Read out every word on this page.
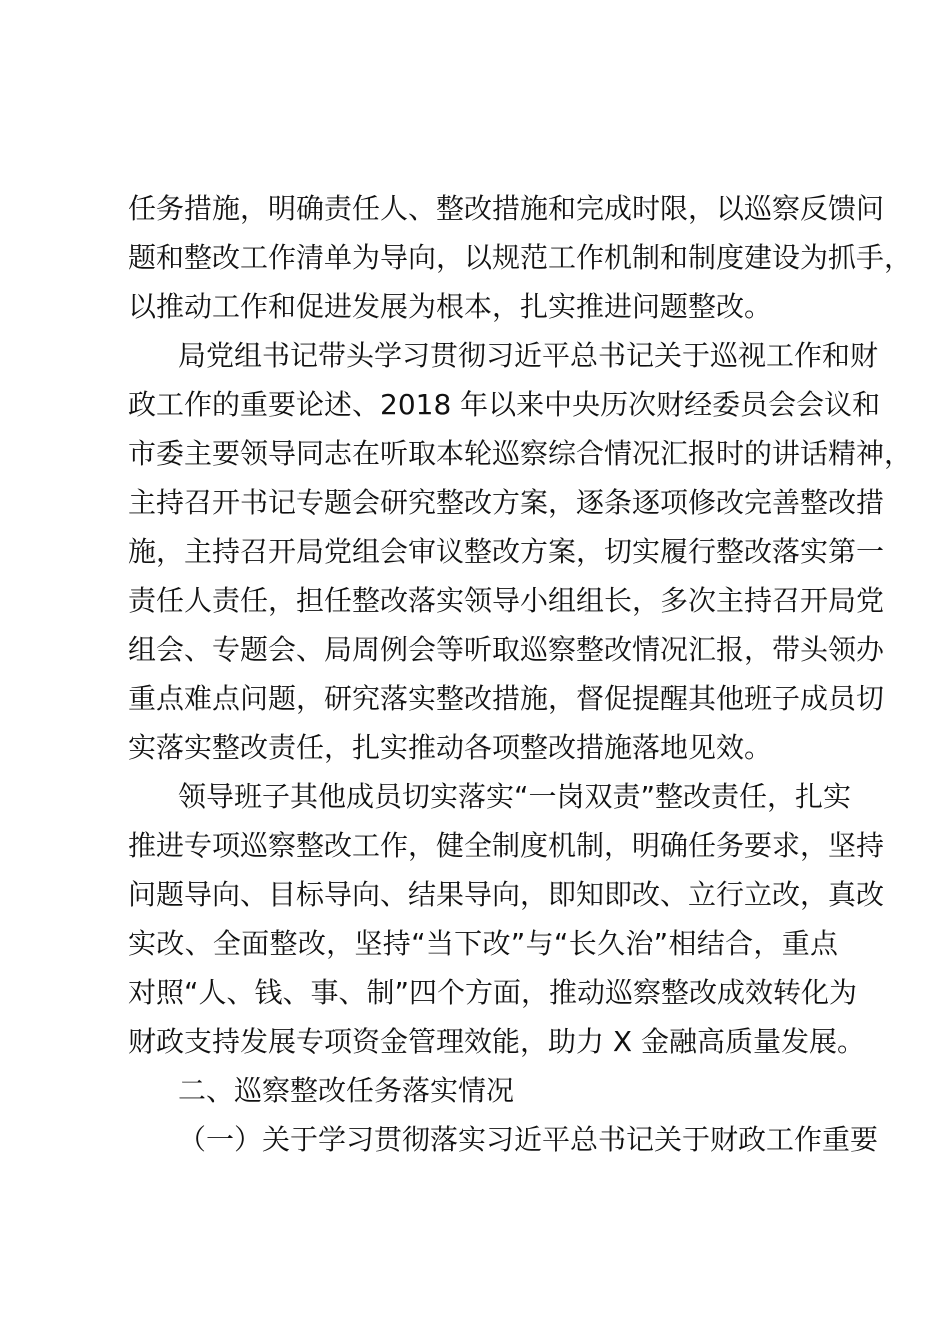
任务措施，明确责任人、整改措施和完成时限，以巡察反馈问
题和整改工作清单为导向，以规范工作机制和制度建设为抓手，
以推动工作和促进发展为根本，扎实推进问题整改。
局党组书记带头学习贯彻习近平总书记关于巡视工作和财
政工作的重要论述、2018 年以来中央历次财经委员会会议和
市委主要领导同志在听取本轮巡察综合情况汇报时的讲话精神，
主持召开书记专题会研究整改方案，逐条逐项修改完善整改措
施，主持召开局党组会审议整改方案，切实履行整改落实第一
责任人责任，担任整改落实领导小组组长，多次主持召开局党
组会、专题会、局周例会等听取巡察整改情况汇报，带头领办
重点难点问题，研究落实整改措施，督促提醒其他班子成员切
实落实整改责任，扎实推动各项整改措施落地见效。
领导班子其他成员切实落实“一岗双责”整改责任，扎实
推进专项巡察整改工作，健全制度机制，明确任务要求，坚持
问题导向、目标导向、结果导向，即知即改、立行立改，真改
实改、全面整改，坚持“当下改”与“长久治”相结合，重点
对照“人、钱、事、制”四个方面，推动巡察整改成效转化为
财政支持发展专项资金管理效能，助力 X 金融高质量发展。
二、巡察整改任务落实情况
（一）关于学习贯彻落实习近平总书记关于财政工作重要
